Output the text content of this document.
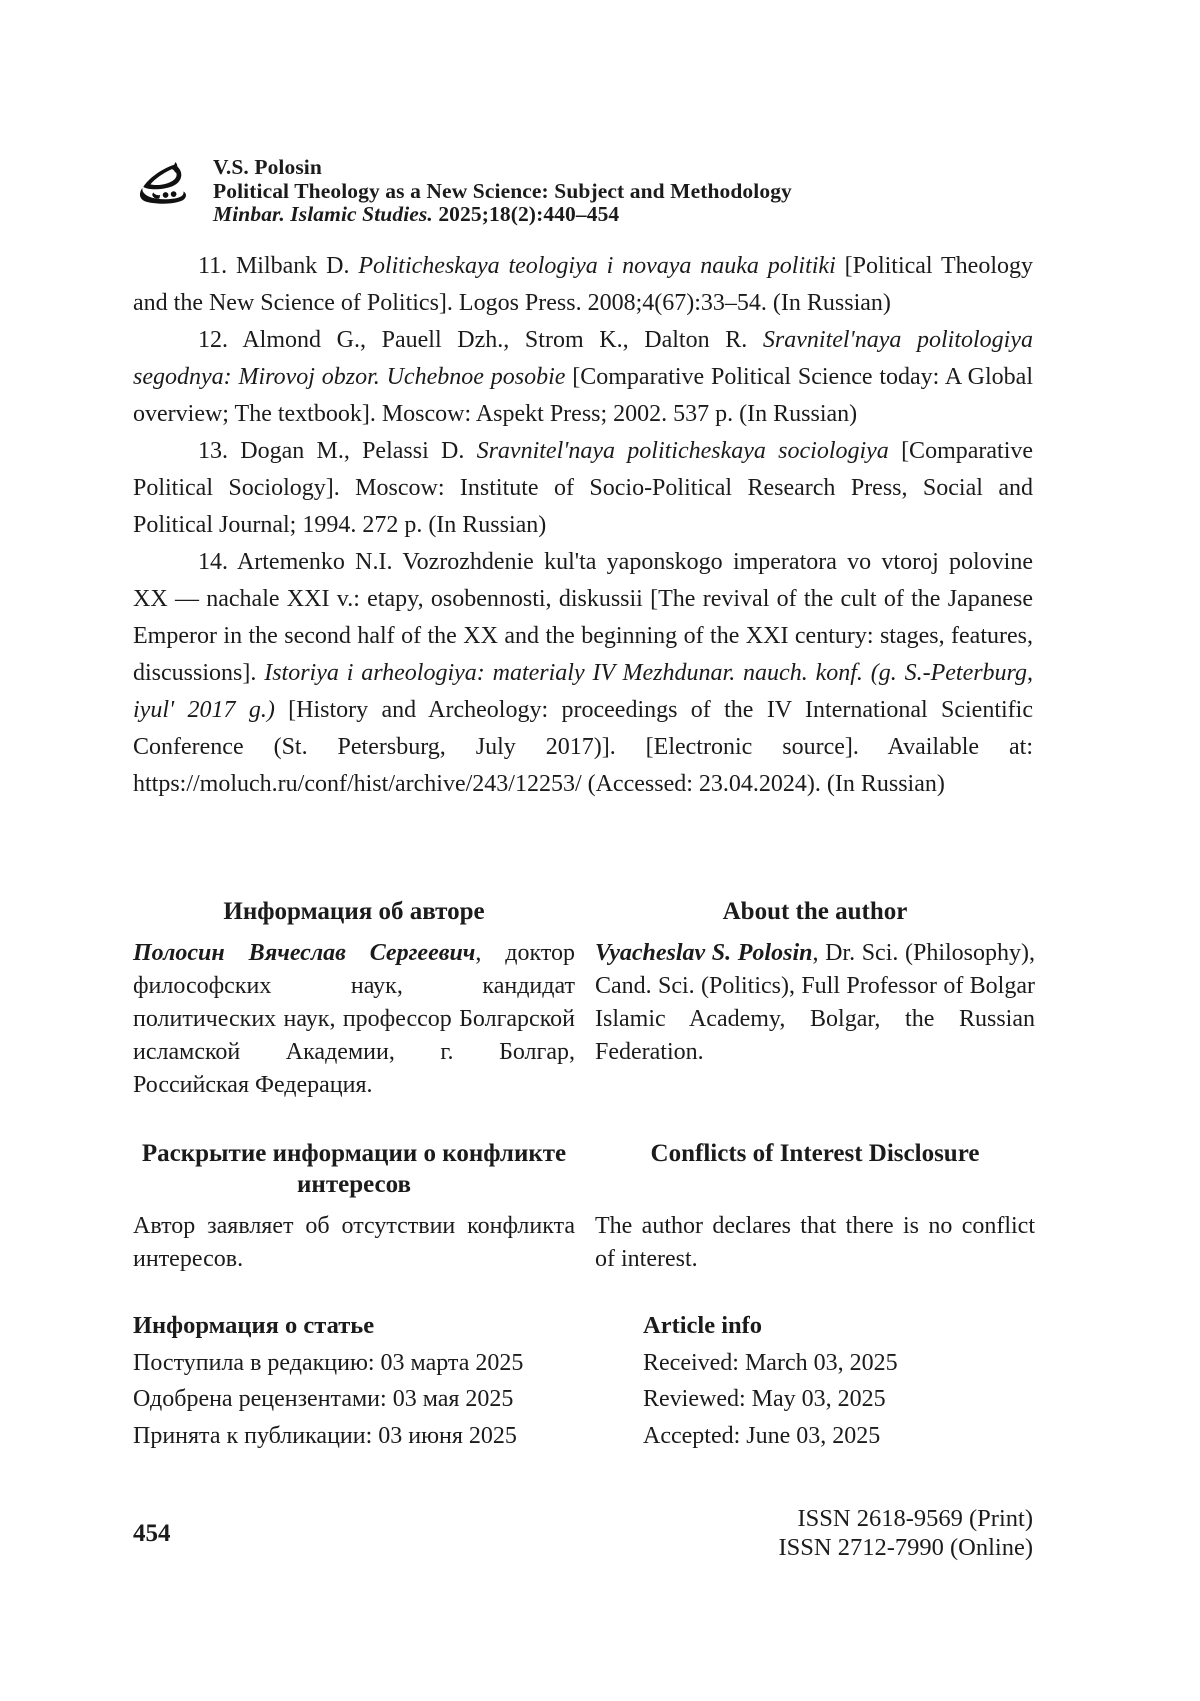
V.S. Polosin
Political Theology as a New Science: Subject and Methodology
Minbar. Islamic Studies. 2025;18(2):440–454

11. Milbank D. Politicheskaya teologiya i novaya nauka politiki [Political Theology and the New Science of Politics]. Logos Press. 2008;4(67):33–54. (In Russian)

12. Almond G., Pauell Dzh., Strom K., Dalton R. Sravnitel'naya politologiya segodnya: Mirovoj obzor. Uchebnoe posobie [Comparative Political Science today: A Global overview; The textbook]. Moscow: Aspekt Press; 2002. 537 p. (In Russian)

13. Dogan M., Pelassi D. Sravnitel'naya politicheskaya sociologiya [Comparative Political Sociology]. Moscow: Institute of Socio-Political Research Press, Social and Political Journal; 1994. 272 p. (In Russian)

14. Artemenko N.I. Vozrozhdenie kul'ta yaponskogo imperatora vo vtoroj polovine XX — nachale XXI v.: etapy, osobennosti, diskussii [The revival of the cult of the Japanese Emperor in the second half of the XX and the beginning of the XXI century: stages, features, discussions]. Istoriya i arheologiya: materialy IV Mezhdunar. nauch. konf. (g. S.-Peterburg, iyul' 2017 g.) [History and Archeology: proceedings of the IV International Scientific Conference (St. Petersburg, July 2017)]. [Electronic source]. Available at: https://moluch.ru/conf/hist/archive/243/12253/ (Accessed: 23.04.2024). (In Russian)

Информация об авторе	About the author
Полосин Вячеслав Сергеевич, доктор философских наук, кандидат политических наук, профессор Болгарской исламской Академии, г. Болгар, Российская Федерация.
Vyacheslav S. Polosin, Dr. Sci. (Philosophy), Cand. Sci. (Politics), Full Professor of Bolgar Islamic Academy, Bolgar, the Russian Federation.
Раскрытие информации о конфликте интересов
Conflicts of Interest Disclosure
Автор заявляет об отсутствии конфликта интересов.
The author declares that there is no conflict of interest.
Информация о статье
Поступила в редакцию: 03 марта 2025
Одобрена рецензентами: 03 мая 2025
Принята к публикации: 03 июня 2025
Article info
Received: March 03, 2025
Reviewed: May 03, 2025
Accepted: June 03, 2025
454
ISSN 2618-9569 (Print)
ISSN 2712-7990 (Online)
